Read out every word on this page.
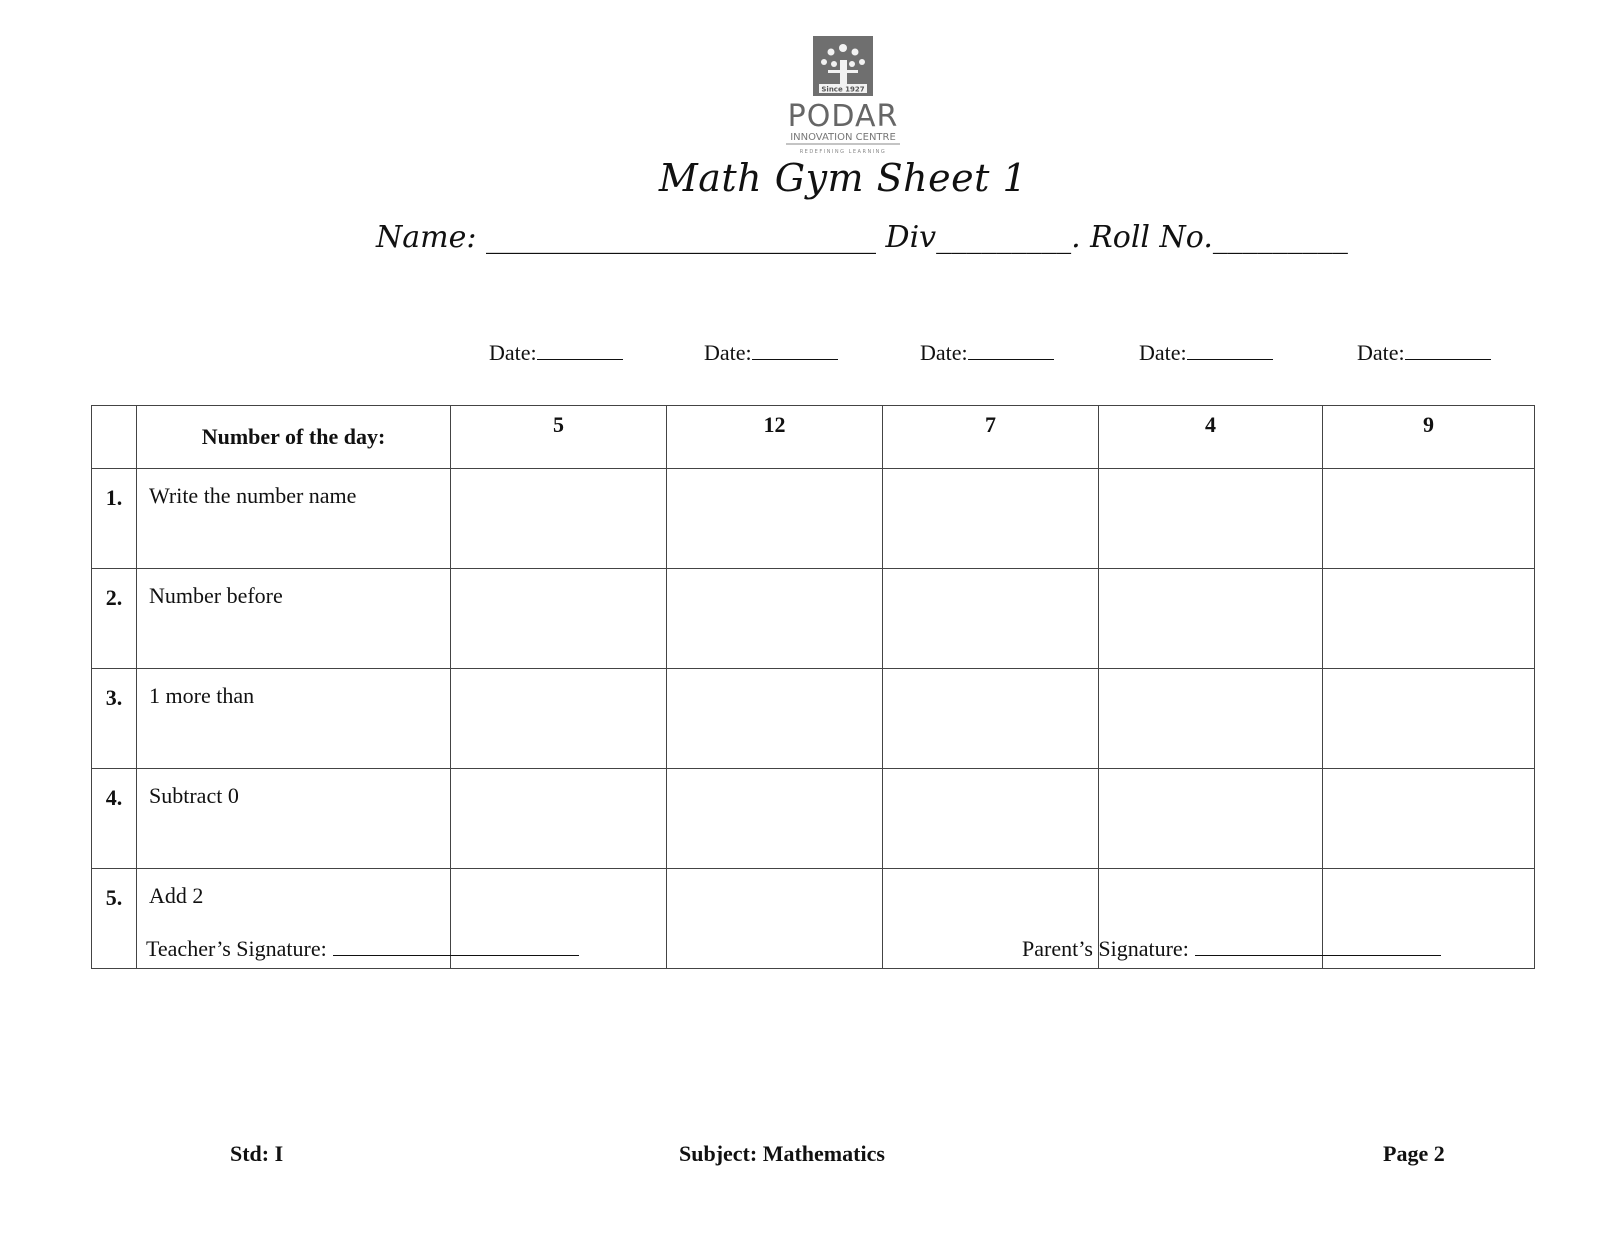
Since 1927
PODAR
INNOVATION CENTRE
REDEFINING LEARNING
Math Gym Sheet 1
Name: __________________________ Div_________. Roll No._________
Date:	Date:	Date:	Date:	Date:
	Number of the day:	5	12	7	4	9
1.	Write the number name					
2.	Number before					
3.	1 more than					
4.	Subtract 0					
5.	Add 2					
Teacher’s Signature:	Parent’s Signature:
Std: I	Subject: Mathematics	Page 2
